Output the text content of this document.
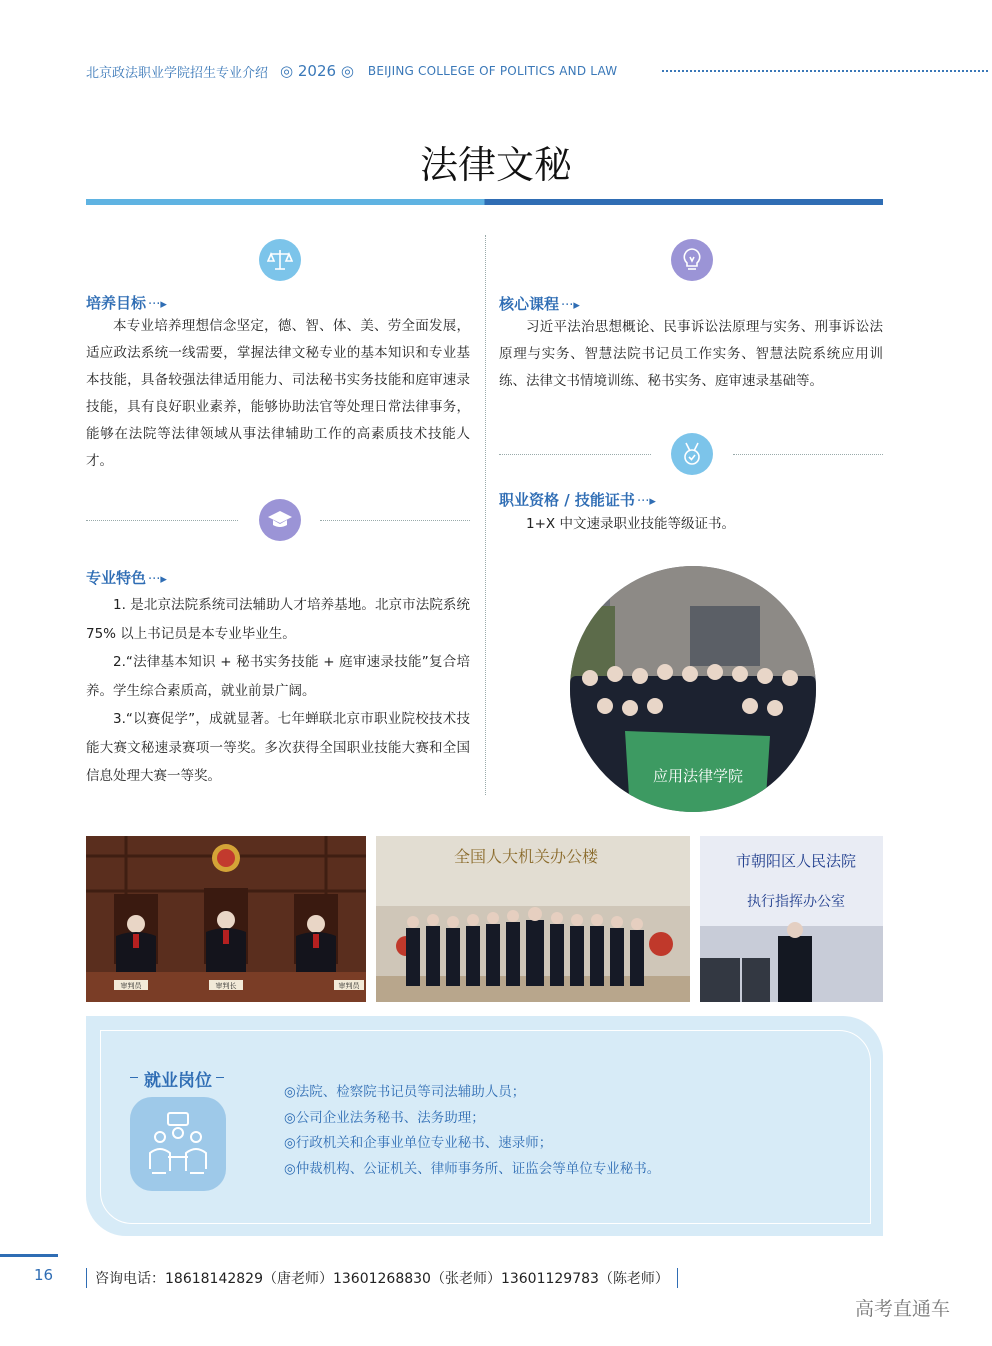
北京政法职业学院招生专业介绍 ◎ 2026 ◎ BEIJING COLLEGE OF POLITICS AND LAW
法律文秘
培养目标 ···▸

本专业培养理想信念坚定，德、智、体、美、劳全面发展，适应政法系统一线需要，掌握法律文秘专业的基本知识和专业基本技能，具备较强法律适用能力、司法秘书实务技能和庭审速录技能，具有良好职业素养，能够协助法官等处理日常法律事务，能够在法院等法律领域从事法律辅助工作的高素质技术技能人才。

专业特色 ···▸

1. 是北京法院系统司法辅助人才培养基地。北京市法院系统 75% 以上书记员是本专业毕业生。

2.“法律基本知识 + 秘书实务技能 + 庭审速录技能”复合培养。学生综合素质高，就业前景广阔。

3.“以赛促学”，成就显著。七年蝉联北京市职业院校技术技能大赛文秘速录赛项一等奖。多次获得全国职业技能大赛和全国信息处理大赛一等奖。

核心课程 ···▸

习近平法治思想概论、民事诉讼法原理与实务、刑事诉讼法原理与实务、智慧法院书记员工作实务、智慧法院系统应用训练、法律文书情境训练、秘书实务、庭审速录基础等。

职业资格 / 技能证书 ···▸

1+X 中文速录职业技能等级证书。

应用法律学院
审判员	审判长	审判员
全国人大机关办公楼	市朝阳区人民法院
执行指挥办公室
就业岗位
◎法院、检察院书记员等司法辅助人员；
◎公司企业法务秘书、法务助理；
◎行政机关和企事业单位专业秘书、速录师；
◎仲裁机构、公证机关、律师事务所、证监会等单位专业秘书。
16	咨询电话：18618142829（唐老师）13601268830（张老师）13601129783（陈老师）
高考直通车
